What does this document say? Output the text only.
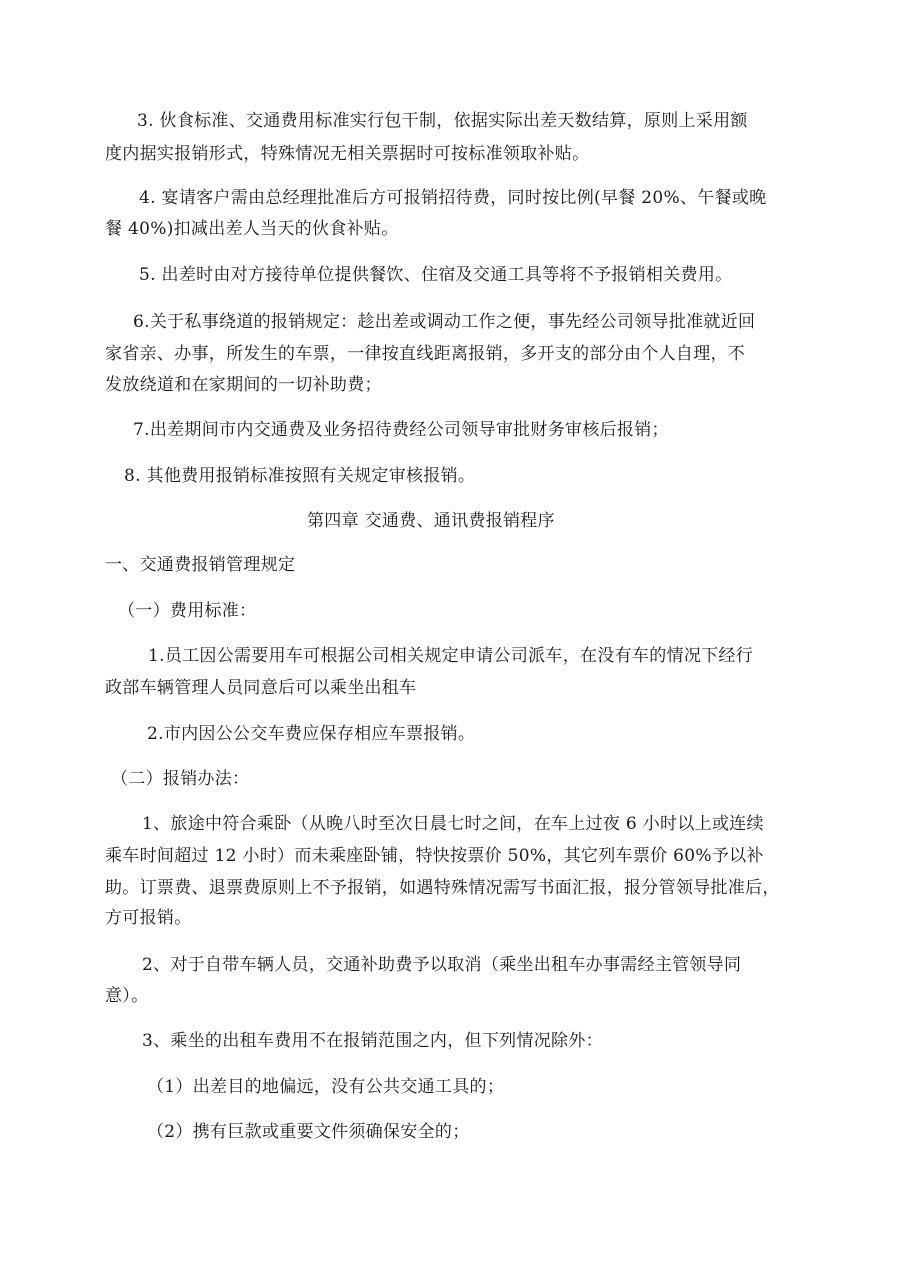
3. 伙食标准、交通费用标准实行包干制，依据实际出差天数结算，原则上采用额
度内据实报销形式，特殊情况无相关票据时可按标准领取补贴。
4. 宴请客户需由总经理批准后方可报销招待费，同时按比例(早餐 20%、午餐或晚
餐 40%)扣减出差人当天的伙食补贴。
5. 出差时由对方接待单位提供餐饮、住宿及交通工具等将不予报销相关费用。
6.关于私事绕道的报销规定：趁出差或调动工作之便，事先经公司领导批准就近回
家省亲、办事，所发生的车票，一律按直线距离报销，多开支的部分由个人自理，不
发放绕道和在家期间的一切补助费；
7.出差期间市内交通费及业务招待费经公司领导审批财务审核后报销；
8. 其他费用报销标准按照有关规定审核报销。
第四章 交通费、通讯费报销程序
一、交通费报销管理规定
（一）费用标准：
1.员工因公需要用车可根据公司相关规定申请公司派车，在没有车的情况下经行
政部车辆管理人员同意后可以乘坐出租车
2.市内因公公交车费应保存相应车票报销。
（二）报销办法：
1、旅途中符合乘卧（从晚八时至次日晨七时之间，在车上过夜 6 小时以上或连续
乘车时间超过 12 小时）而未乘座卧铺，特快按票价 50%，其它列车票价 60%予以补
助。订票费、退票费原则上不予报销，如遇特殊情况需写书面汇报，报分管领导批准后，
方可报销。
2、对于自带车辆人员，交通补助费予以取消（乘坐出租车办事需经主管领导同
意）。
3、乘坐的出租车费用不在报销范围之内，但下列情况除外：
（1）出差目的地偏远，没有公共交通工具的；
（2）携有巨款或重要文件须确保安全的；
